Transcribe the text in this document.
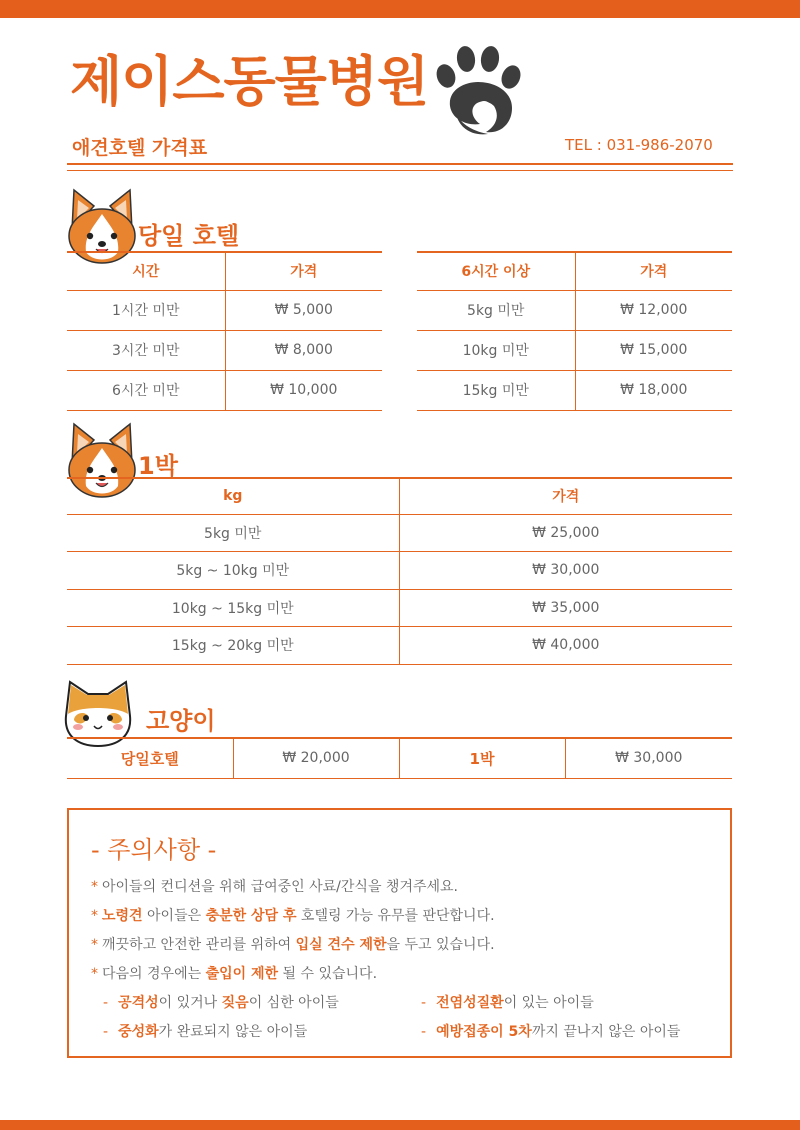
제이스동물병원
애견호텔 가격표	TEL : 031-986-2070
당일 호텔
시간	가격
1시간 미만	₩ 5,000
3시간 미만	₩ 8,000
6시간 미만	₩ 10,000
6시간 이상	가격
5kg 미만	₩ 12,000
10kg 미만	₩ 15,000
15kg 미만	₩ 18,000
1박
kg	가격
5kg 미만	₩ 25,000
5kg ~ 10kg 미만	₩ 30,000
10kg ~ 15kg 미만	₩ 35,000
15kg ~ 20kg 미만	₩ 40,000
고양이
당일호텔	₩ 20,000	1박	₩ 30,000
- 주의사항 -
* 아이들의 컨디션을 위해 급여중인 사료/간식을 챙겨주세요.
* 노령견 아이들은 충분한 상담 후 호텔링 가능 유무를 판단합니다.
* 깨끗하고 안전한 관리를 위하여 입실 견수 제한을 두고 있습니다.
* 다음의 경우에는 출입이 제한 될 수 있습니다.
- 공격성이 있거나 짖음이 심한 아이들	- 전염성질환이 있는 아이들
- 중성화가 완료되지 않은 아이들	- 예방접종이 5차까지 끝나지 않은 아이들
